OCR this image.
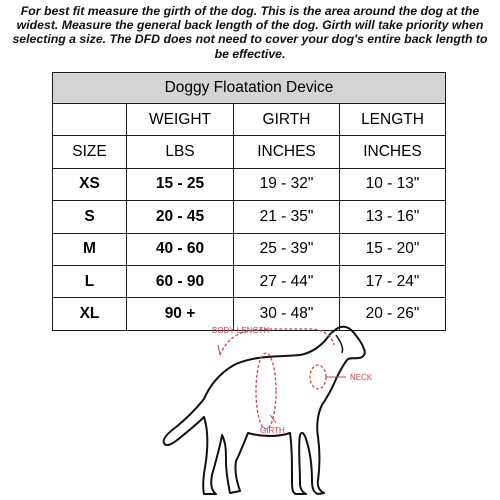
For best fit measure the girth of the dog. This is the area around the dog at the widest. Measure the general back length of the dog. Girth will take priority when selecting a size. The DFD does not need to cover your dog's entire back length to be effective.
Doggy Floatation Device			
	WEIGHT	GIRTH	LENGTH
SIZE	LBS	INCHES	INCHES
XS	15 - 25	19 - 32"	10 - 13"
S	20 - 45	21 - 35"	13 - 16"
M	40 - 60	25 - 39"	15 - 20"
L	60 - 90	27 - 44"	17 - 24"
XL	90 +	30 - 48"	20 - 26"
BODY LENGTH
GIRTH
NECK
